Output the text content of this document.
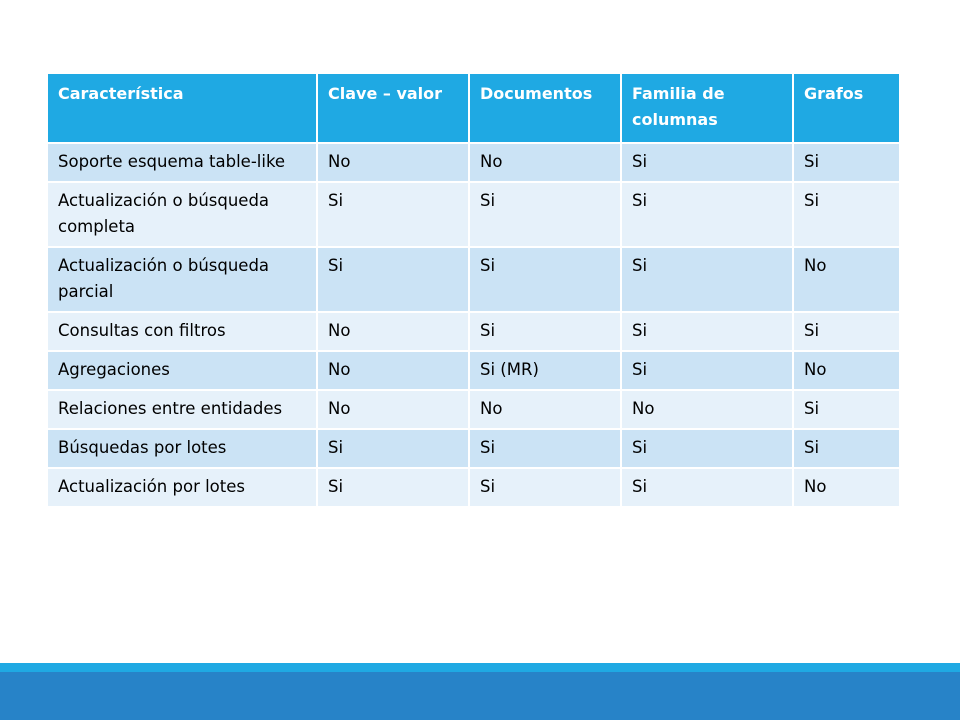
Característica	Clave – valor	Documentos	Familia de columnas	Grafos
Soporte esquema table-like	No	No	Si	Si
Actualización o búsqueda completa	Si	Si	Si	Si
Actualización o búsqueda parcial	Si	Si	Si	No
Consultas con filtros	No	Si	Si	Si
Agregaciones	No	Si (MR)	Si	No
Relaciones entre entidades	No	No	No	Si
Búsquedas por lotes	Si	Si	Si	Si
Actualización por lotes	Si	Si	Si	No
